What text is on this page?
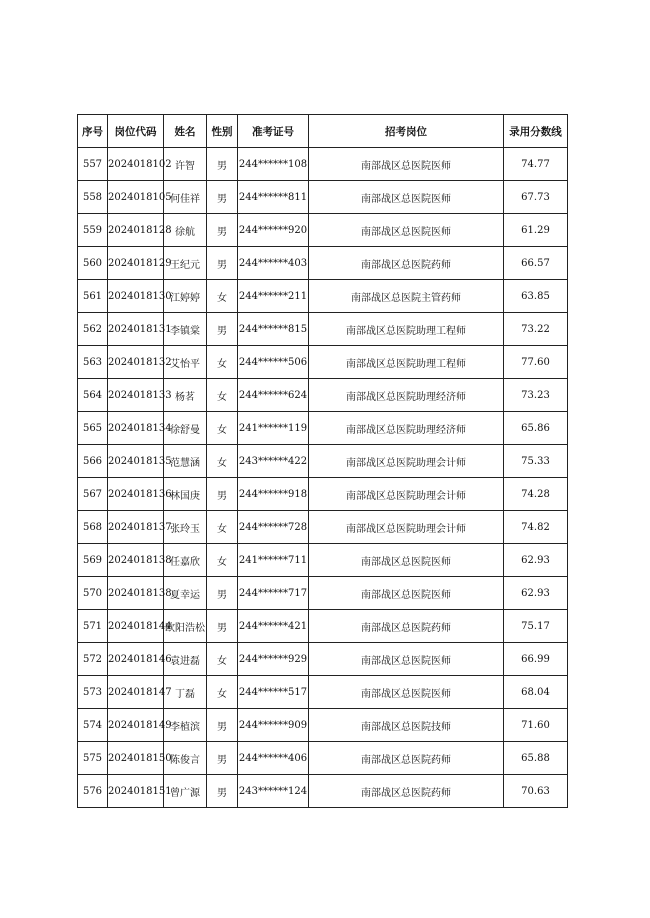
序号	岗位代码	姓名	性别	准考证号	招考岗位	录用分数线
557	2024018102	许智	男	244******108	南部战区总医院医师	74.77
558	2024018105	何佳祥	男	244******811	南部战区总医院医师	67.73
559	2024018128	徐航	男	244******920	南部战区总医院医师	61.29
560	2024018129	王纪元	男	244******403	南部战区总医院药师	66.57
561	2024018130	江婷婷	女	244******211	南部战区总医院主管药师	63.85
562	2024018131	李镇棠	男	244******815	南部战区总医院助理工程师	73.22
563	2024018132	艾怡平	女	244******506	南部战区总医院助理工程师	77.60
564	2024018133	杨茗	女	244******624	南部战区总医院助理经济师	73.23
565	2024018134	徐舒曼	女	241******119	南部战区总医院助理经济师	65.86
566	2024018135	范慧涵	女	243******422	南部战区总医院助理会计师	75.33
567	2024018136	林国庚	男	244******918	南部战区总医院助理会计师	74.28
568	2024018137	张玲玉	女	244******728	南部战区总医院助理会计师	74.82
569	2024018138	任嘉欣	女	241******711	南部战区总医院医师	62.93
570	2024018138	夏幸运	男	244******717	南部战区总医院医师	62.93
571	2024018144	欧阳浩松	男	244******421	南部战区总医院药师	75.17
572	2024018146	袁进磊	女	244******929	南部战区总医院医师	66.99
573	2024018147	丁磊	女	244******517	南部战区总医院医师	68.04
574	2024018149	李植滨	男	244******909	南部战区总医院技师	71.60
575	2024018150	陈俊言	男	244******406	南部战区总医院药师	65.88
576	2024018151	曾广源	男	243******124	南部战区总医院药师	70.63
